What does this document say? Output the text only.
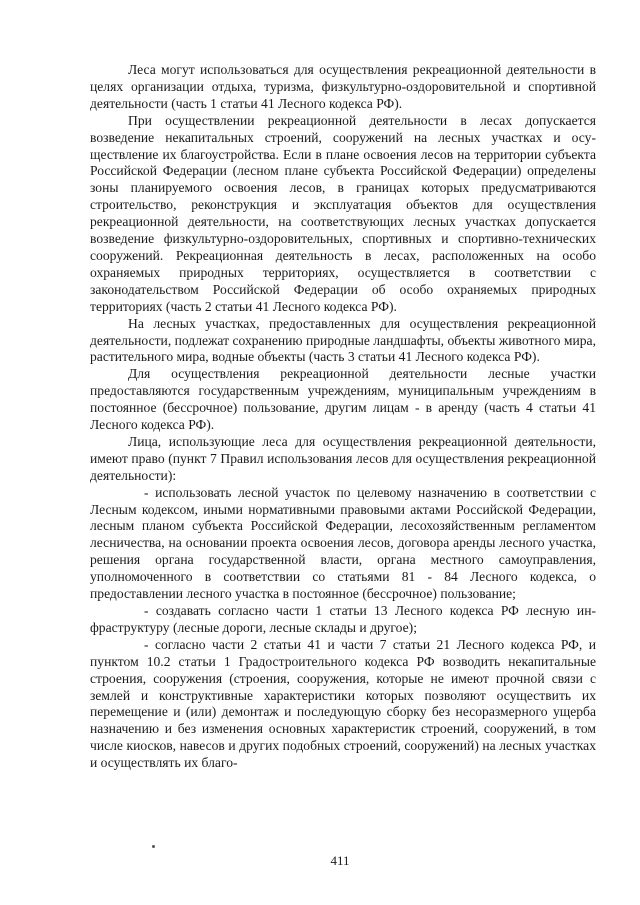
Леса могут использоваться для осуществления рекреационной деятельности в целях организации отдыха, туризма, физкультурно-оздоровительной и спортивной деятельности (часть 1 статьи 41 Лесного кодекса РФ).

При осуществлении рекреационной деятельности в лесах допускается возведение некапитальных строений, сооружений на лесных участках и осуществление их благоустройства. Если в плане освоения лесов на территории субъекта Российской Федерации (лесном плане субъекта Российской Федерации) определены зоны планируемого освоения лесов, в границах которых предусматриваются строительство, реконструкция и эксплуатация объектов для осуществления рекреационной деятельности, на соответствующих лесных участках допускается возведение физкультурно-оздоровительных, спортивных и спортивно-технических сооружений. Рекреационная деятельность в лесах, расположенных на особо охраняемых природных территориях, осуществляется в соответствии с законодательством Российской Федерации об особо охраняемых природных территориях (часть 2 статьи 41 Лесного кодекса РФ).

На лесных участках, предоставленных для осуществления рекреационной деятельности, подлежат сохранению природные ландшафты, объекты животного мира, растительного мира, водные объекты (часть 3 статьи 41 Лесного кодекса РФ).

Для осуществления рекреационной деятельности лесные участки предоставляются государственным учреждениям, муниципальным учреждениям в постоянное (бессрочное) пользование, другим лицам - в аренду (часть 4 статьи 41 Лесного кодекса РФ).

Лица, использующие леса для осуществления рекреационной деятельности, имеют право (пункт 7 Правил использования лесов для осуществления рекреационной деятельности):

- использовать лесной участок по целевому назначению в соответствии с Лесным кодексом, иными нормативными правовыми актами Российской Федерации, лесным планом субъекта Российской Федерации, лесохозяйственным регламентом лесничества, на основании проекта освоения лесов, договора аренды лесного участка, решения органа государственной власти, органа местного самоуправления, уполномоченного в соответствии со статьями 81 - 84 Лесного кодекса, о предоставлении лесного участка в постоянное (бессрочное) пользование;

- создавать согласно части 1 статьи 13 Лесного кодекса РФ лесную инфраструктуру (лесные дороги, лесные склады и другое);

- согласно части 2 статьи 41 и части 7 статьи 21 Лесного кодекса РФ, и пунктом 10.2 статьи 1 Градостроительного кодекса РФ возводить некапитальные строения, сооружения (строения, сооружения, которые не имеют прочной связи с землей и конструктивные характеристики которых позволяют осуществить их перемещение и (или) демонтаж и последующую сборку без несоразмерного ущерба назначению и без изменения основных характеристик строений, сооружений, в том числе киосков, навесов и других подобных строений, сооружений) на лесных участках и осуществлять их благо-

411
